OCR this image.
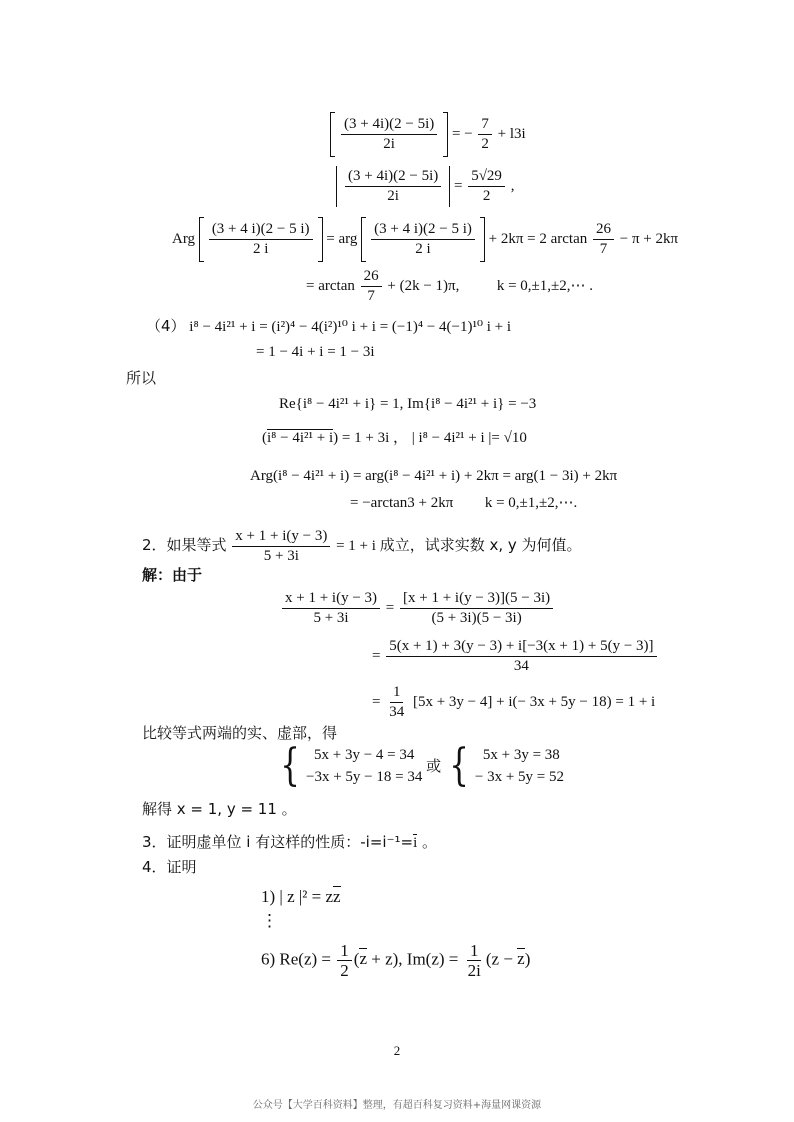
$\frac{(3 + 4i)(2 - 5i)}{2i}$ = − $\frac{7}{2} + l3i$
$\frac{(3 + 4i)(2 - 5i)}{2i} = \frac{5√29}{2}$ ,
Arg $\frac{(3 + 4 i)(2 - 5 i)}{2 i}$ = arg $\frac{(3 + 4 i)(2 - 5 i)}{2 i} + 2k\pi = 2$ $\arctan \frac{26}{7} - \pi + 2k\pi$
= $\arctan \frac{26}{7} + (2k - 1)\pi$,	k = 0,±1,±2,⋯ .
（4） i⁸ − 4i²¹ + i = (i²)⁴ − 4(i²)¹⁰ i + i = (−1)⁴ − 4(−1)¹⁰ i + i
= 1 − 4i + i = 1 − 3i
所以
Re{i⁸ − 4i²¹ + i} = 1, Im{i⁸ − 4i²¹ + i} = −3
(i⁸ − 4i²¹ + i) = 1 + 3i ， | i⁸ − 4i²¹ + i |= √10
Arg(i⁸ − 4i²¹ + i) = arg(i⁸ − 4i²¹ + i) + 2kπ = arg(1 − 3i) + 2kπ
= −arctan3 + 2kπ k = 0,±1,±2,⋯.
2．如果等式 $\frac{x + 1 + i(y - 3)}{5 + 3i} = 1 + i$ 成立，试求实数 x, y 为何值。
解：由于
$\frac{x + 1 + i(y - 3)}{5 + 3i} = \frac{[x + 1 + i(y - 3)](5 - 3i)}{(5 + 3i)(5 - 3i)}$
= $\frac{5(x + 1) + 3(y - 3) + i[-3(x + 1) + 5(y - 3)]}{34}$
= $\frac{1}{34} [5x + 3y - 4] + i(- 3x + 5y - 18) = 1 + i$
比较等式两端的实、虚部，得
{ 5x + 3y − 4 = 34
−3x + 5y − 18 = 34
或 { 5x + 3y = 38
− 3x + 5y = 52
解得 x = 1, y = 11 。
3．证明虚单位 i 有这样的性质：-i=i⁻¹=i 。
4．证明
1) | z |² = zz
⋮
6) $Re(z) = \frac{1}{2} (z + z)$, $Im(z) = \frac{1}{2i} (z - z)$
2
公众号【大学百科资料】整理，有超百科复习资料+海量网课资源
